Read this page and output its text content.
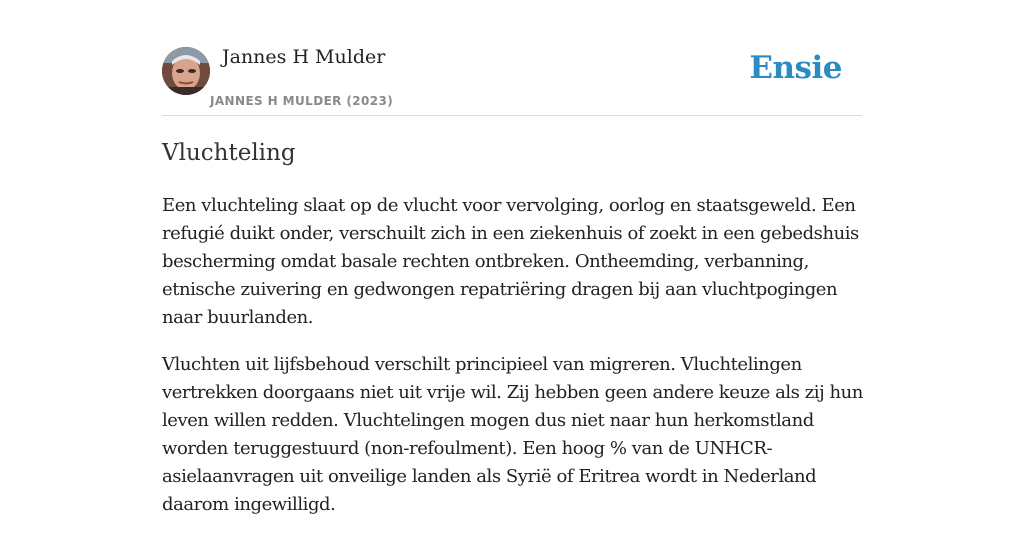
Jannes H Mulder
JANNES H MULDER (2023)
Ensie
Vluchteling

Een vluchteling slaat op de vlucht voor vervolging, oorlog en staatsgeweld. Een refugié duikt onder, verschuilt zich in een ziekenhuis of zoekt in een gebedshuis bescherming omdat basale rechten ontbreken. Ontheemding, verbanning, etnische zuivering en gedwongen repatriëring dragen bij aan vluchtpogingen naar buurlanden.

Vluchten uit lijfsbehoud verschilt principieel van migreren. Vluchtelingen vertrekken doorgaans niet uit vrije wil. Zij hebben geen andere keuze als zij hun leven willen redden. Vluchtelingen mogen dus niet naar hun herkomstland worden teruggestuurd (non-refoulment). Een hoog % van de UNHCR-asielaanvragen uit onveilige landen als Syrië of Eritrea wordt in Nederland daarom ingewilligd.
